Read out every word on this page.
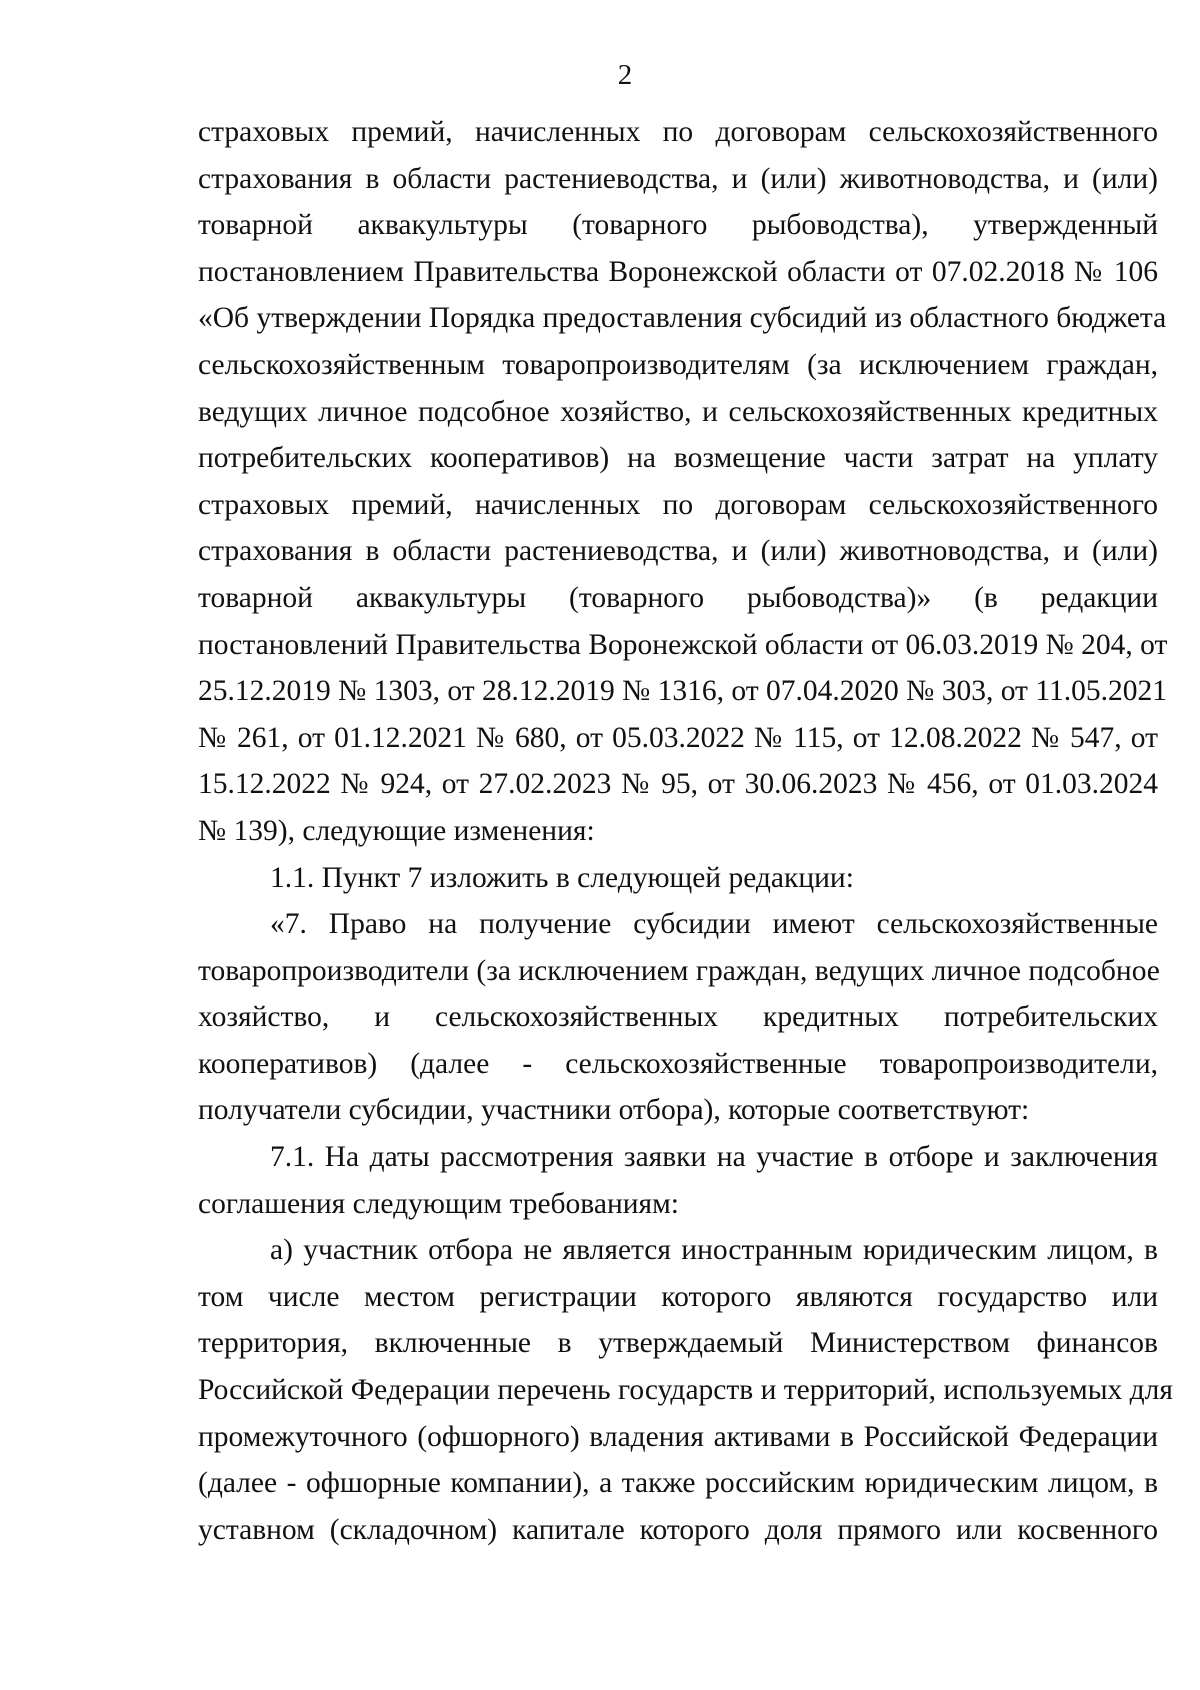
2
страховых премий, начисленных по договорам сельскохозяйственного
страхования в области растениеводства, и (или) животноводства, и (или)
товарной аквакультуры (товарного рыбоводства), утвержденный
постановлением Правительства Воронежской области от 07.02.2018 № 106
«Об утверждении Порядка предоставления субсидий из областного бюджета
сельскохозяйственным товаропроизводителям (за исключением граждан,
ведущих личное подсобное хозяйство, и сельскохозяйственных кредитных
потребительских кооперативов) на возмещение части затрат на уплату
страховых премий, начисленных по договорам сельскохозяйственного
страхования в области растениеводства, и (или) животноводства, и (или)
товарной аквакультуры (товарного рыбоводства)» (в редакции
постановлений Правительства Воронежской области от 06.03.2019 № 204, от
25.12.2019 № 1303, от 28.12.2019 № 1316, от 07.04.2020 № 303, от 11.05.2021
№ 261, от 01.12.2021 № 680, от 05.03.2022 № 115, от 12.08.2022 № 547, от
15.12.2022 № 924, от 27.02.2023 № 95, от 30.06.2023 № 456, от 01.03.2024
№ 139), следующие изменения:
1.1. Пункт 7 изложить в следующей редакции:
«7. Право на получение субсидии имеют сельскохозяйственные
товаропроизводители (за исключением граждан, ведущих личное подсобное
хозяйство, и сельскохозяйственных кредитных потребительских
кооперативов) (далее - сельскохозяйственные товаропроизводители,
получатели субсидии, участники отбора), которые соответствуют:
7.1. На даты рассмотрения заявки на участие в отборе и заключения
соглашения следующим требованиям:
а) участник отбора не является иностранным юридическим лицом, в
том числе местом регистрации которого являются государство или
территория, включенные в утверждаемый Министерством финансов
Российской Федерации перечень государств и территорий, используемых для
промежуточного (офшорного) владения активами в Российской Федерации
(далее - офшорные компании), а также российским юридическим лицом, в
уставном (складочном) капитале которого доля прямого или косвенного
